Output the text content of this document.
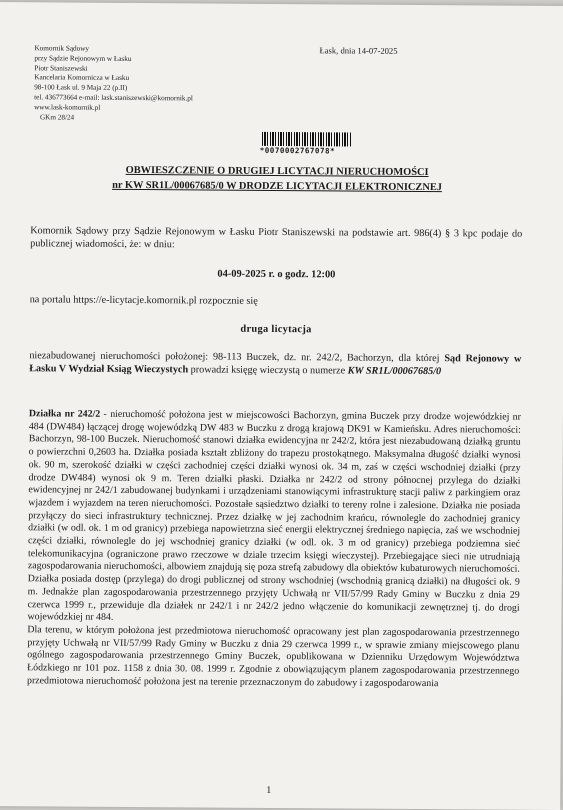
Komornik Sądowy
przy Sądzie Rejonowym w Łasku
Piotr Staniszewski
Kancelaria Komornicza w Łasku
98-100 Łask ul. 9 Maja 22 (p.II)
tel. 436773664 e-mail: lask.staniszewski@komornik.pl
www.lask-komornik.pl
GKm 28/24
Łask, dnia 14-07-2025
*0070002767078*
OBWIESZCZENIE O DRUGIEJ LICYTACJI NIERUCHOMOŚCI
nr KW SR1L/00067685/0 W DRODZE LICYTACJI ELEKTRONICZNEJ
Komornik Sądowy przy Sądzie Rejonowym w Łasku Piotr Staniszewski na podstawie art. 986(4) § 3 kpc podaje do publicznej wiadomości, że: w dniu:
04-09-2025 r. o godz. 12:00
na portalu https://e-licytacje.komornik.pl rozpocznie się
druga licytacja
niezabudowanej nieruchomości położonej: 98-113 Buczek, dz. nr. 242/2, Bachorzyn, dla której Sąd Rejonowy w Łasku V Wydział Ksiąg Wieczystych prowadzi księgę wieczystą o numerze KW SR1L/00067685/0
Działka nr 242/2 - nieruchomość położona jest w miejscowości Bachorzyn, gmina Buczek przy drodze wojewódzkiej nr 484 (DW484) łączącej drogę wojewódzką DW 483 w Buczku z drogą krajową DK91 w Kamieńsku. Adres nieruchomości: Bachorzyn, 98-100 Buczek. Nieruchomość stanowi działka ewidencyjna nr 242/2, która jest niezabudowaną działką gruntu o powierzchni 0,2603 ha. Działka posiada kształt zbliżony do trapezu prostokątnego. Maksymalna długość działki wynosi ok. 90 m, szerokość działki w części zachodniej części działki wynosi ok. 34 m, zaś w części wschodniej działki (przy drodze DW484) wynosi ok 9 m. Teren działki płaski. Działka nr 242/2 od strony północnej przylega do działki ewidencyjnej nr 242/1 zabudowanej budynkami i urządzeniami stanowiącymi infrastrukturę stacji paliw z parkingiem oraz wjazdem i wyjazdem na teren nieruchomości. Pozostałe sąsiedztwo działki to tereny rolne i zalesione. Działka nie posiada przyłączy do sieci infrastruktury technicznej. Przez działkę w jej zachodnim krańcu, równolegle do zachodniej granicy działki (w odl. ok. 1 m od granicy) przebiega napowietrzna sieć energii elektrycznej średniego napięcia, zaś we wschodniej części działki, równolegle do jej wschodniej granicy działki (w odl. ok. 3 m od granicy) przebiega podziemna sieć telekomunikacyjna (ograniczone prawo rzeczowe w dziale trzecim księgi wieczystej). Przebiegające sieci nie utrudniają zagospodarowania nieruchomości, albowiem znajdują się poza strefą zabudowy dla obiektów kubaturowych nieruchomości. Działka posiada dostęp (przylega) do drogi publicznej od strony wschodniej (wschodnią granicą działki) na długości ok. 9 m. Jednakże plan zagospodarowania przestrzennego przyjęty Uchwałą nr VII/57/99 Rady Gminy w Buczku z dnia 29 czerwca 1999 r., przewiduje dla działek nr 242/1 i nr 242/2 jedno włączenie do komunikacji zewnętrznej tj. do drogi wojewódzkiej nr 484.
Dla terenu, w którym położona jest przedmiotowa nieruchomość opracowany jest plan zagospodarowania przestrzennego przyjęty Uchwałą nr VII/57/99 Rady Gminy w Buczku z dnia 29 czerwca 1999 r., w sprawie zmiany miejscowego planu ogólnego zagospodarowania przestrzennego Gminy Buczek, opublikowana w Dzienniku Urzędowym Województwa Łódzkiego nr 101 poz. 1158 z dnia 30. 08. 1999 r. Zgodnie z obowiązującym planem zagospodarowania przestrzennego przedmiotowa nieruchomość położona jest na terenie przeznaczonym do zabudowy i zagospodarowania
1
